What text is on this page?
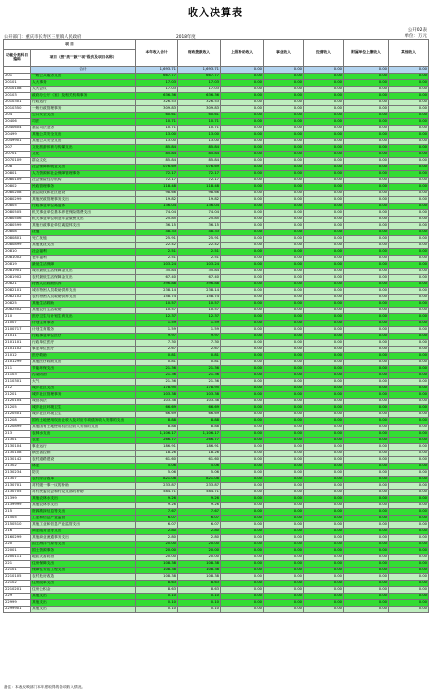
收入决算表
公开02表
单位：万元
公开部门：重庆市长寿区三里镇人民政府	2018年度
项 目		本年收入合计	财政拨款收入	上级补助收入	事业收入	经营收入	附属单位上缴收入	其他收入
功能分类科目编码	项目（按"类""款""项"级次及项目名称）							
	合计	1,693.71	1,693.71	0.00	0.00	0.00	0.00	0.00
201	一般公共服务支出	667.77	667.77	0.00	0.00	0.00	0.00	0.00
20101	人大事务	17.03	17.03	0.00	0.00	0.00	0.00	0.00
2010108	人大会议	17.03	17.03	0.00	0.00	0.00	0.00	0.00
20103	政府办公厅（室）及相关机构事务	636.36	636.36	0.00	0.00	0.00	0.00	0.00
2010301	行政运行	326.53	326.53	0.00	0.00	0.00	0.00	0.00
2010350	一般行政管理事务	309.83	309.83	0.00	0.00	0.00	0.00	0.00
204	公共安全支出	60.61	60.61	0.00	0.00	0.00	0.00	0.00
20406	司法	10.71	10.71	0.00	0.00	0.00	0.00	0.00
2040604	基层司法业务	10.71	10.71	0.00	0.00	0.00	0.00	0.00
20499	其他公共安全支出	13.00	13.00	0.00	0.00	0.00	0.00	0.00
2049901	其他公共安全支出	13.00	13.00	0.00	0.00	0.00	0.00	0.00
207	文化旅游体育与传媒支出	85.84	85.84	0.00	0.00	0.00	0.00	0.00
20701	文化	85.84	85.84	0.00	0.00	0.00	0.00	0.00
2070109	群众文化	85.84	85.84	0.00	0.00	0.00	0.00	0.00
208	社会保障和就业支出	076.69	076.69	0.00	0.00	0.00	0.00	0.00
20801	人力资源和社会保障管理事务	72.17	72.17	0.00	0.00	0.00	0.00	0.00
2080109	社会保险经办机构	72.17	72.17	0.00	0.00	0.00	0.00	0.00
20802	民政管理事务	118.48	118.48	0.00	0.00	0.00	0.00	0.00
2080208	基层政权和社区建设	98.66	98.66	0.00	0.00	0.00	0.00	0.00
2080299	其他民政管理事务支出	19.82	19.82	0.00	0.00	0.00	0.00	0.00
20805	行政事业单位离退休	136.04	136.04	0.00	0.00	0.00	0.00	0.00
2080505	机关事业单位基本养老保险缴费支出	74.04	74.04	0.00	0.00	0.00	0.00	0.00
2080506	机关事业单位职业年金缴费支出	25.85	25.85	0.00	0.00	0.00	0.00	0.00
2080599	其他行政事业单位离退休支出	36.15	36.15	0.00	0.00	0.00	0.00	0.00
20808	抚恤	48.33	48.33	0.00	0.00	0.00	0.00	0.00
2080801	死亡抚恤	25.91	25.91	0.00	0.00	0.00	0.00	0.00
2080899	其他优抚支出	22.42	22.42	0.00	0.00	0.00	0.00	0.00
20810	社会福利	2.51	2.51	0.00	0.00	0.00	0.00	0.00
2081002	老年福利	2.51	2.51	0.00	0.00	0.00	0.00	0.00
20819	最低生活保障	103.24	103.24	0.00	0.00	0.00	0.00	0.00
2081901	城市最低生活保障金支出	35.84	35.84	0.00	0.00	0.00	0.00	0.00
2081902	农村最低生活保障金支出	67.40	67.40	0.00	0.00	0.00	0.00	0.00
20821	特困人员救助供养	396.88	396.88	0.00	0.00	0.00	0.00	0.00
2082101	城市特困人员救助供养支出	238.14	238.14	0.00	0.00	0.00	0.00	0.00
2082102	农村特困人员救助供养支出	158.74	158.74	0.00	0.00	0.00	0.00	0.00
20825	其他生活救助	10.57	10.57	0.00	0.00	0.00	0.00	0.00
2082502	其他农村生活救助	10.57	10.57	0.00	0.00	0.00	0.00	0.00
210	医疗卫生与计划生育支出	12.37	12.37	0.00	0.00	0.00	0.00	0.00
21007	计划生育事务	1.59	1.59	0.00	0.00	0.00	0.00	0.00
2100717	计划生育服务	1.59	1.59	0.00	0.00	0.00	0.00	0.00
21011	行政事业单位医疗	9.97	9.97	0.00	0.00	0.00	0.00	0.00
2101101	行政单位医疗	7.30	7.30	0.00	0.00	0.00	0.00	0.00
2101102	事业单位医疗	2.67	2.67	0.00	0.00	0.00	0.00	0.00
21012	医疗救助	0.81	0.81	0.00	0.00	0.00	0.00	0.00
2101299	其他医疗救助支出	0.81	0.81	0.00	0.00	0.00	0.00	0.00
211	节能环保支出	21.36	21.36	0.00	0.00	0.00	0.00	0.00
21103	污染防治	21.36	21.36	0.00	0.00	0.00	0.00	0.00
2110301	大气	21.36	21.36	0.00	0.00	0.00	0.00	0.00
212	城乡社区支出	178.95	178.95	0.00	0.00	0.00	0.00	0.00
21201	城乡社区管理事务	103.38	103.38	0.00	0.00	0.00	0.00	0.00
2120104	城管执法	103.38	103.38	0.00	0.00	0.00	0.00	0.00
21205	城乡社区环境卫生	66.69	66.69	0.00	0.00	0.00	0.00	0.00
2120501	城乡社区环境卫生	66.69	66.69	0.00	0.00	0.00	0.00	0.00
21208	国有土地使用权出让收入及对应专项债务收入安排的支出	8.88	8.88	0.00	0.00	0.00	0.00	0.00
2120899	其他国有土地使用权出让收入安排的支出	8.88	8.88	0.00	0.00	0.00	0.00	0.00
213	农林水支出	1,106.17	1,106.17	0.00	0.00	0.00	0.00	0.00
21301	农业	266.77	266.77	0.00	0.00	0.00	0.00	0.00
2130104	事业运行	186.91	186.91	0.00	0.00	0.00	0.00	0.00
2130108	病虫害控制	18.26	18.26	0.00	0.00	0.00	0.00	0.00
2130142	农村道路建设	61.60	61.60	0.00	0.00	0.00	0.00	0.00
21302	林业	5.06	5.06	0.00	0.00	0.00	0.00	0.00
2130234	防灾	5.06	5.06	0.00	0.00	0.00	0.00	0.00
21307	农村综合改革	821.08	821.08	0.00	0.00	0.00	0.00	0.00
2130701	对村级一事一议的补助	233.87	233.87	0.00	0.00	0.00	0.00	0.00
2130705	对村民委员会和村党支部的补助	584.71	584.71	0.00	0.00	0.00	0.00	0.00
21399	其他农林水支出	9.26	9.26	0.00	0.00	0.00	0.00	0.00
2139999	其他农林水支出	9.26	9.26	0.00	0.00	0.00	0.00	0.00
215	资源勘探信息等支出	7.67	7.67	0.00	0.00	0.00	0.00	0.00
21505	工业和信息产业监管	6.07	6.07	0.00	0.00	0.00	0.00	0.00
2150510	其他工业和信息产业监管支出	6.07	6.07	0.00	0.00	0.00	0.00	0.00
216	商业服务业等支出	2.80	2.80	0.00	0.00	0.00	0.00	0.00
2160299	其他商业流通事务支出	2.80	2.80	0.00	0.00	0.00	0.00	0.00
220	国土海洋气象等支出	20.00	20.00	0.00	0.00	0.00	0.00	0.00
22001	国土资源事务	20.00	20.00	0.00	0.00	0.00	0.00	0.00
2200111	地质灾害防治	20.00	20.00	0.00	0.00	0.00	0.00	0.00
221	住房保障支出	108.38	108.38	0.00	0.00	0.00	0.00	0.00
22101	保障性安居工程支出	108.38	108.38	0.00	0.00	0.00	0.00	0.00
2210105	农村危房改造	108.38	108.38	0.00	0.00	0.00	0.00	0.00
22102	住房改革支出	8.63	8.63	0.00	0.00	0.00	0.00	0.00
2210201	住房公积金	8.63	8.63	0.00	0.00	0.00	0.00	0.00
229	其他支出	0.10	0.10	0.00	0.00	0.00	0.00	0.00
22999	其他支出	0.10	0.10	0.00	0.00	0.00	0.00	0.00
2299901	其他支出	0.10	0.10	0.00	0.00	0.00	0.00	0.00
备注：本表反映部门本年度取得的各项收入情况。
